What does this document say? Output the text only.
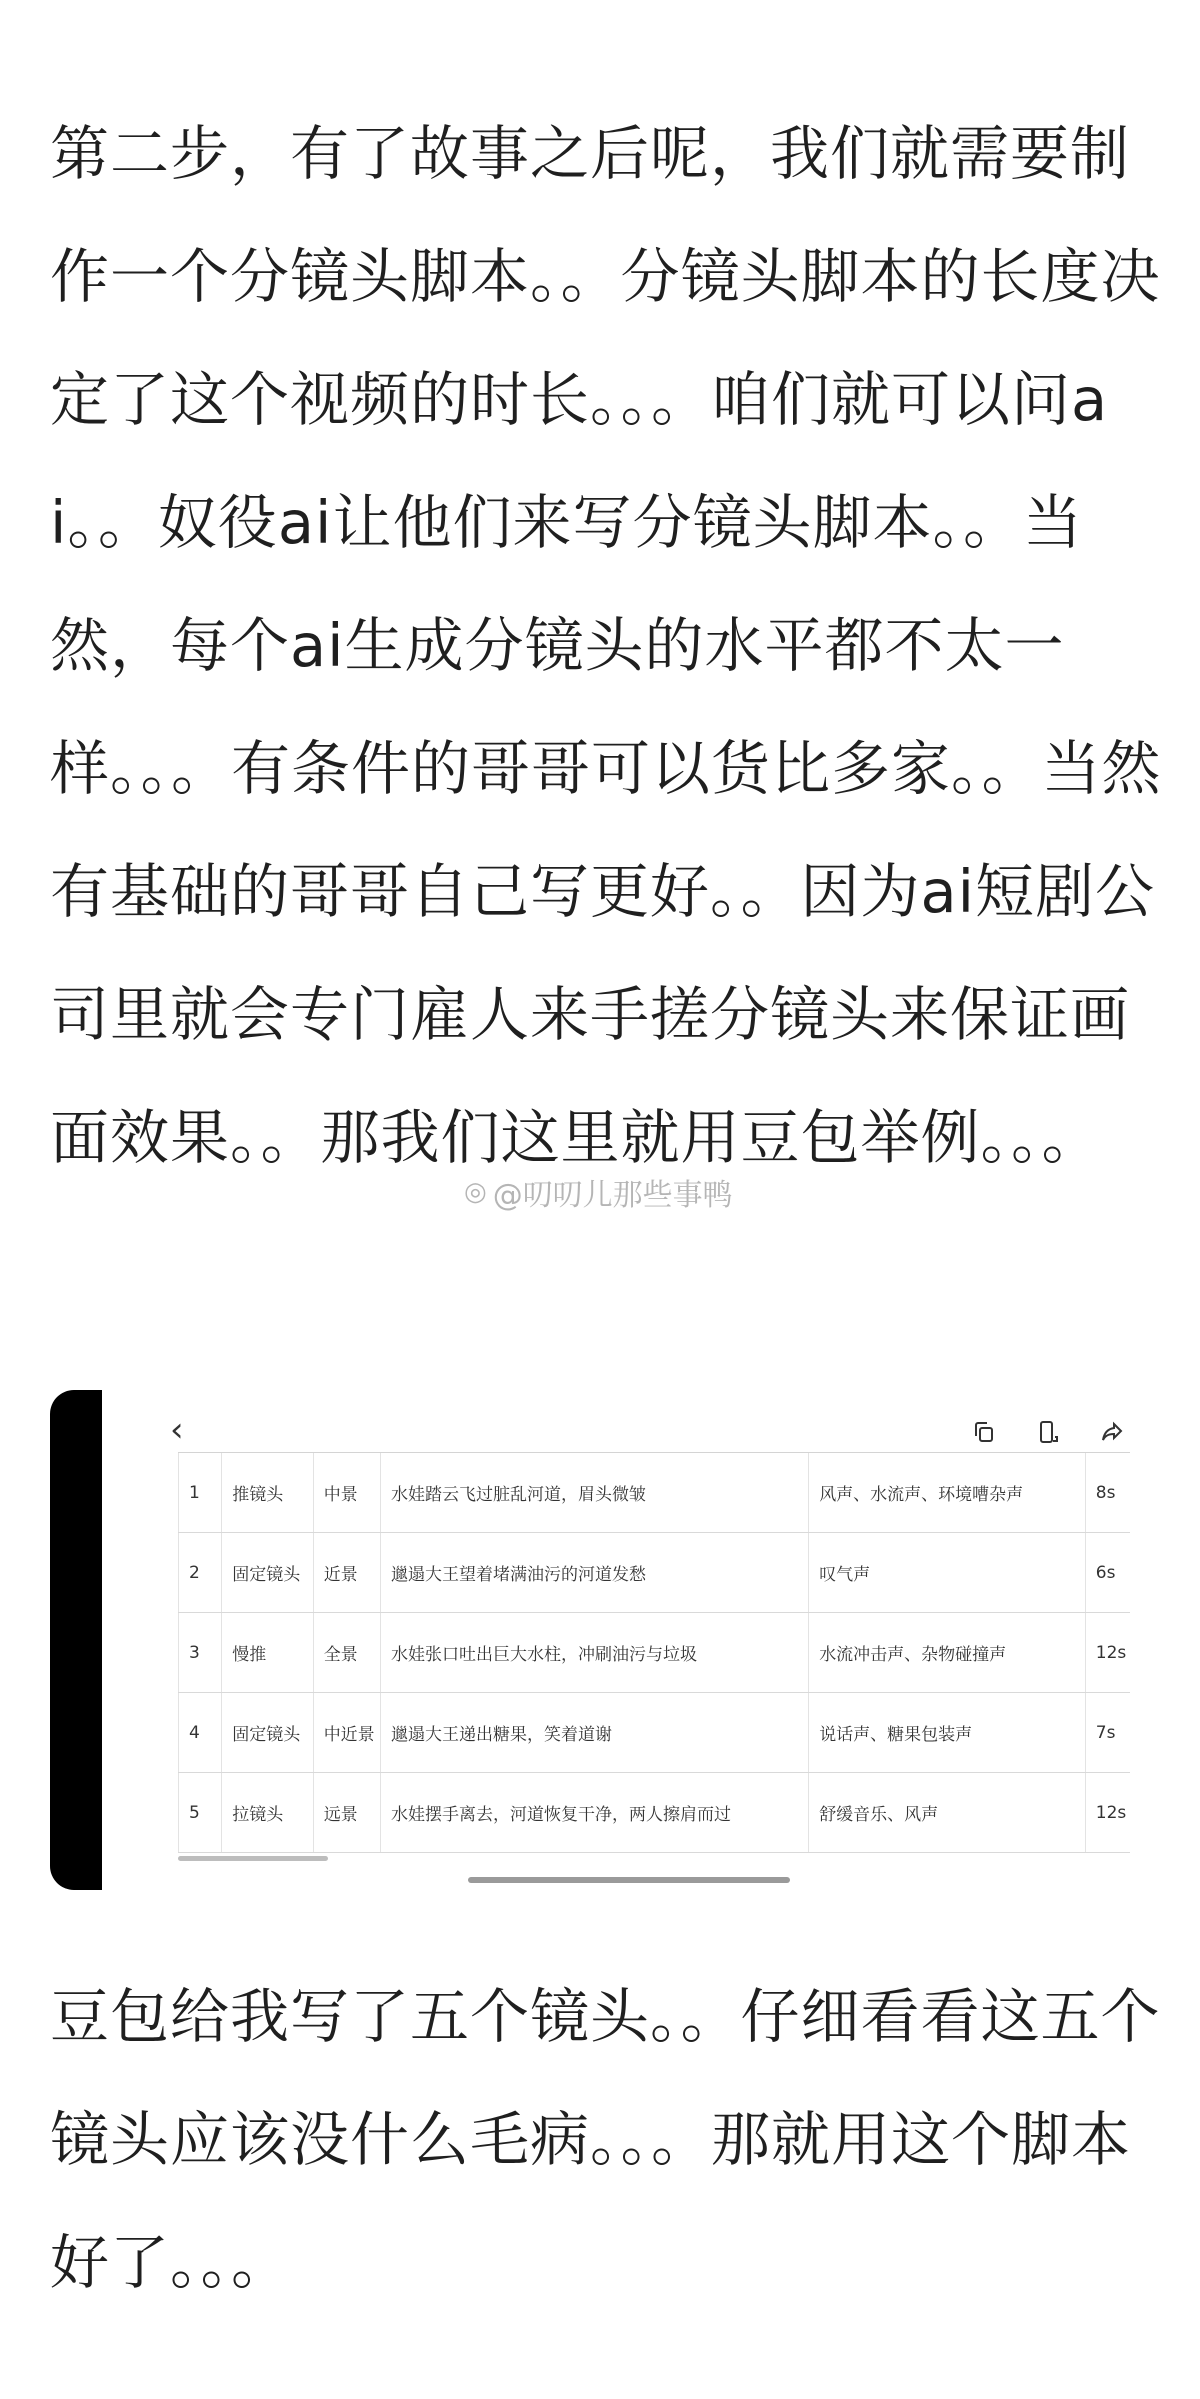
第二步，有了故事之后呢，我们就需要制作一个分镜头脚本。。分镜头脚本的长度决定了这个视频的时长。。。咱们就可以问ai。。奴役ai让他们来写分镜头脚本。。当然，每个ai生成分镜头的水平都不太一样。。。有条件的哥哥可以货比多家。。当然有基础的哥哥自己写更好。。因为ai短剧公司里就会专门雇人来手搓分镜头来保证画面效果。。那我们这里就用豆包举例。。。

◎ @叨叨儿那些事鸭
‹
1	推镜头	中景	水娃踏云飞过脏乱河道，眉头微皱	风声、水流声、环境嘈杂声	8s
2	固定镜头	近景	邋遢大王望着堵满油污的河道发愁	叹气声	6s
3	慢推	全景	水娃张口吐出巨大水柱，冲刷油污与垃圾	水流冲击声、杂物碰撞声	12s
4	固定镜头	中近景	邋遢大王递出糖果，笑着道谢	说话声、糖果包装声	7s
5	拉镜头	远景	水娃摆手离去，河道恢复干净，两人擦肩而过	舒缓音乐、风声	12s

豆包给我写了五个镜头。。仔细看看这五个镜头应该没什么毛病。。。那就用这个脚本好了。。。
